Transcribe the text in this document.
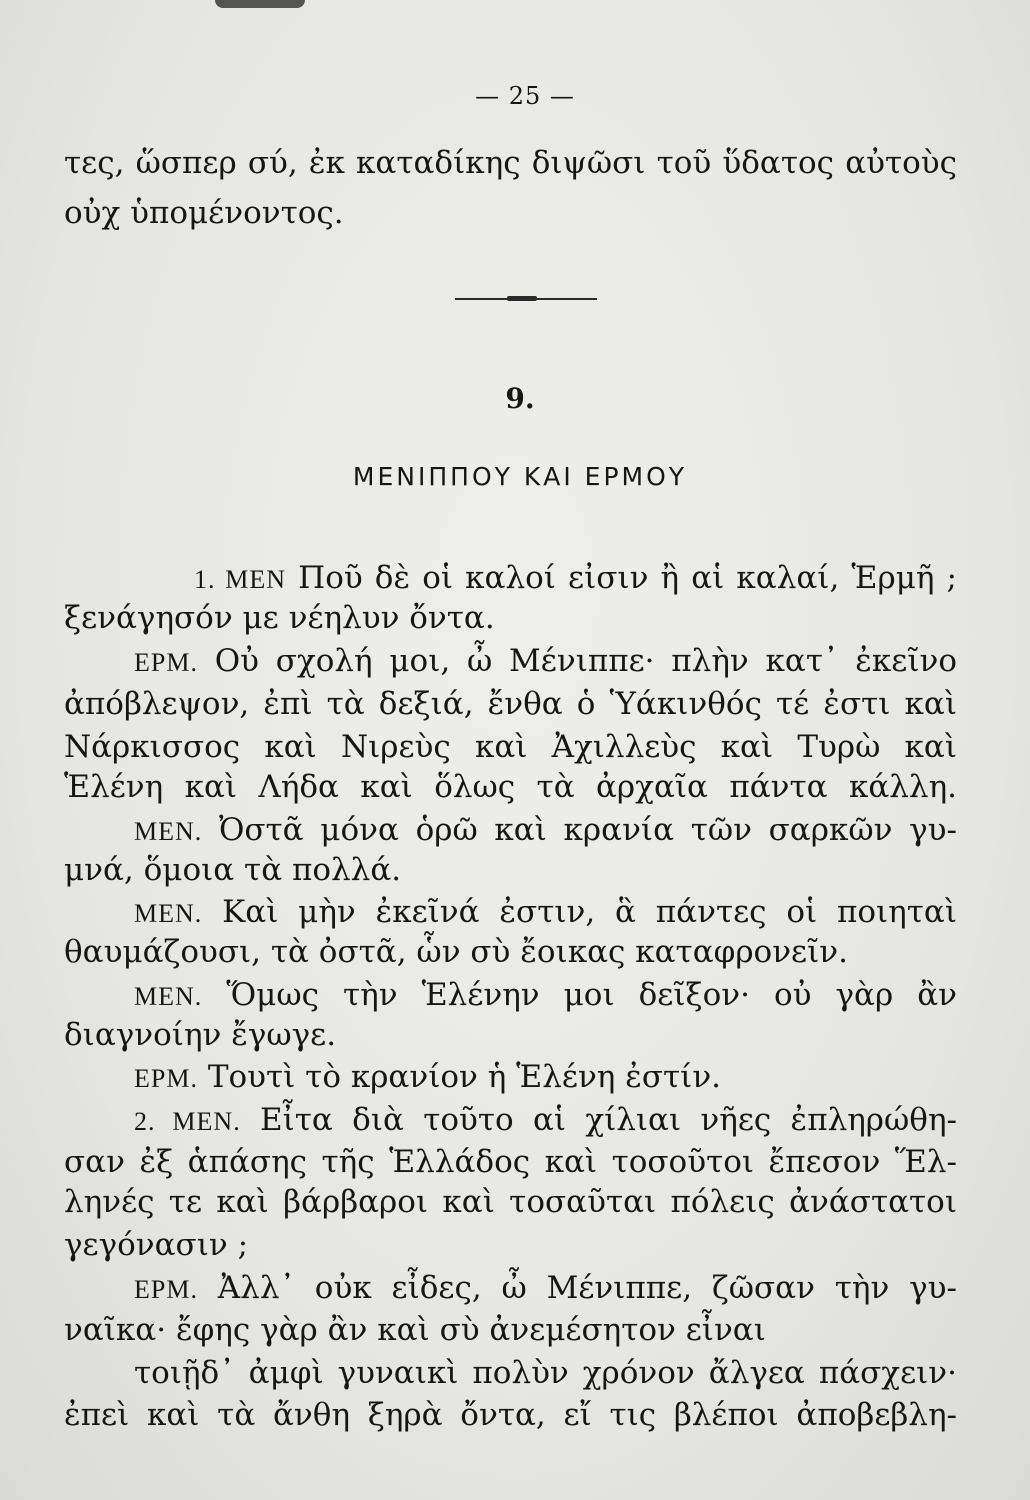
— 25 —
τες, ὥσπερ σύ, ἐκ καταδίκης διψῶσι τοῦ ὕδατος αὐτοὺς
οὐχ ὑπομένοντος.
9.
ΜΕΝΙΠΠΟΥ ΚΑΙ ΕΡΜΟΥ
1. ΜΕΝ Ποῦ δὲ οἱ καλοί εἰσιν ἢ αἱ καλαί, Ἑρμῆ ;
ξενάγησόν με νέηλυν ὄντα.
ΕΡΜ. Οὐ σχολή μοι, ὦ Μένιππε· πλὴν κατ᾽ ἐκεῖνο
ἀπόβλεψον, ἐπὶ τὰ δεξιά, ἔνθα ὁ Ὑάκινθός τέ ἐστι καὶ
Νάρκισσος καὶ Νιρεὺς καὶ Ἀχιλλεὺς καὶ Τυρὼ καὶ
Ἑλένη καὶ Λήδα καὶ ὅλως τὰ ἀρχαῖα πάντα κάλλη.
ΜΕΝ. Ὀστᾶ μόνα ὁρῶ καὶ κρανία τῶν σαρκῶν γυ-
μνά, ὅμοια τὰ πολλά.
ΜΕΝ. Καὶ μὴν ἐκεῖνά ἐστιν, ἃ πάντες οἱ ποιηταὶ
θαυμάζουσι, τὰ ὀστᾶ, ὧν σὺ ἔοικας καταφρονεῖν.
ΜΕΝ. Ὅμως τὴν Ἑλένην μοι δεῖξον· οὐ γὰρ ἂν
διαγνοίην ἔγωγε.
ΕΡΜ. Τουτὶ τὸ κρανίον ἡ Ἑλένη ἐστίν.
2. ΜΕΝ. Εἶτα διὰ τοῦτο αἱ χίλιαι νῆες ἐπληρώθη-
σαν ἐξ ἁπάσης τῆς Ἑλλάδος καὶ τοσοῦτοι ἔπεσον Ἕλ-
ληνές τε καὶ βάρβαροι καὶ τοσαῦται πόλεις ἀνάστατοι
γεγόνασιν ;
ΕΡΜ. Ἀλλ᾽ οὐκ εἶδες, ὦ Μένιππε, ζῶσαν τὴν γυ-
ναῖκα· ἔφης γὰρ ἂν καὶ σὺ ἀνεμέσητον εἶναι
τοιῇδ᾽ ἀμφὶ γυναικὶ πολὺν χρόνον ἄλγεα πάσχειν·
ἐπεὶ καὶ τὰ ἄνθη ξηρὰ ὄντα, εἴ τις βλέποι ἀποβεβλη-
